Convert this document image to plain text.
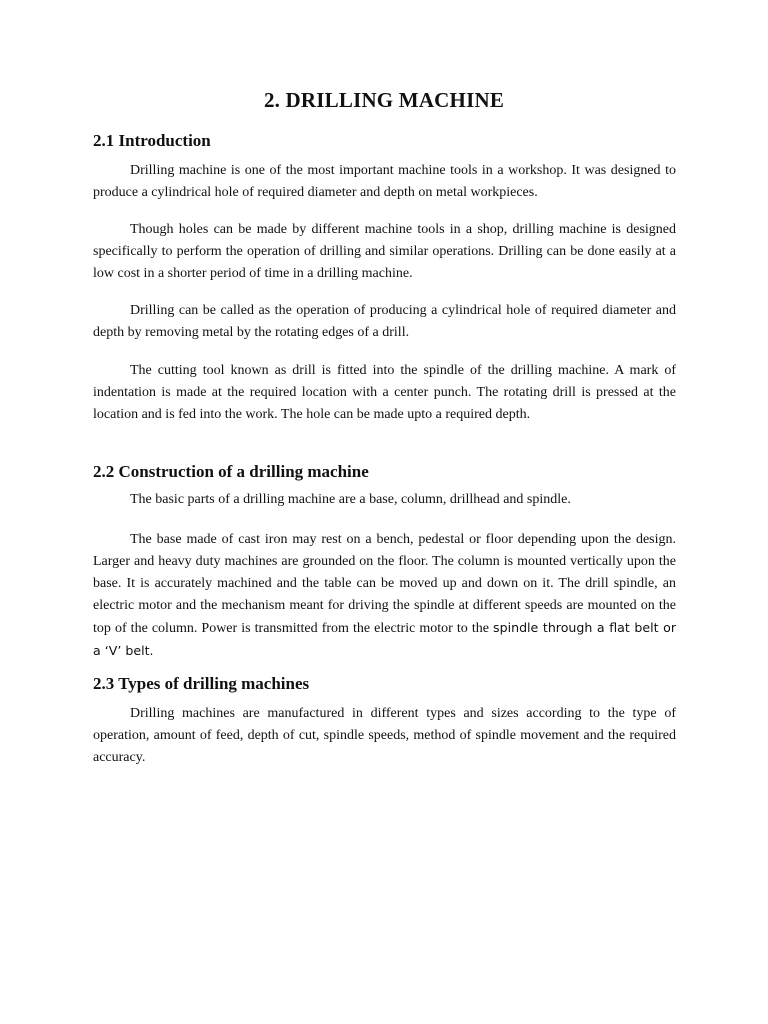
2. DRILLING MACHINE
2.1 Introduction

Drilling machine is one of the most important machine tools in a workshop. It was designed to produce a cylindrical hole of required diameter and depth on metal workpieces.

Though holes can be made by different machine tools in a shop, drilling machine is designed specifically to perform the operation of drilling and similar operations. Drilling can be done easily at a low cost in a shorter period of time in a drilling machine.

Drilling can be called as the operation of producing a cylindrical hole of required diameter and depth by removing metal by the rotating edges of a drill.

The cutting tool known as drill is fitted into the spindle of the drilling machine. A mark of indentation is made at the required location with a center punch. The rotating drill is pressed at the location and is fed into the work. The hole can be made upto a required depth.

2.2 Construction of a drilling machine

The basic parts of a drilling machine are a base, column, drillhead and spindle.

The base made of cast iron may rest on a bench, pedestal or floor depending upon the design. Larger and heavy duty machines are grounded on the floor. The column is mounted vertically upon the base. It is accurately machined and the table can be moved up and down on it. The drill spindle, an electric motor and the mechanism meant for driving the spindle at different speeds are mounted on the top of the column. Power is transmitted from the electric motor to the spindle through a flat belt or a ‘V’ belt.

2.3 Types of drilling machines

Drilling machines are manufactured in different types and sizes according to the type of operation, amount of feed, depth of cut, spindle speeds, method of spindle movement and the required accuracy.
